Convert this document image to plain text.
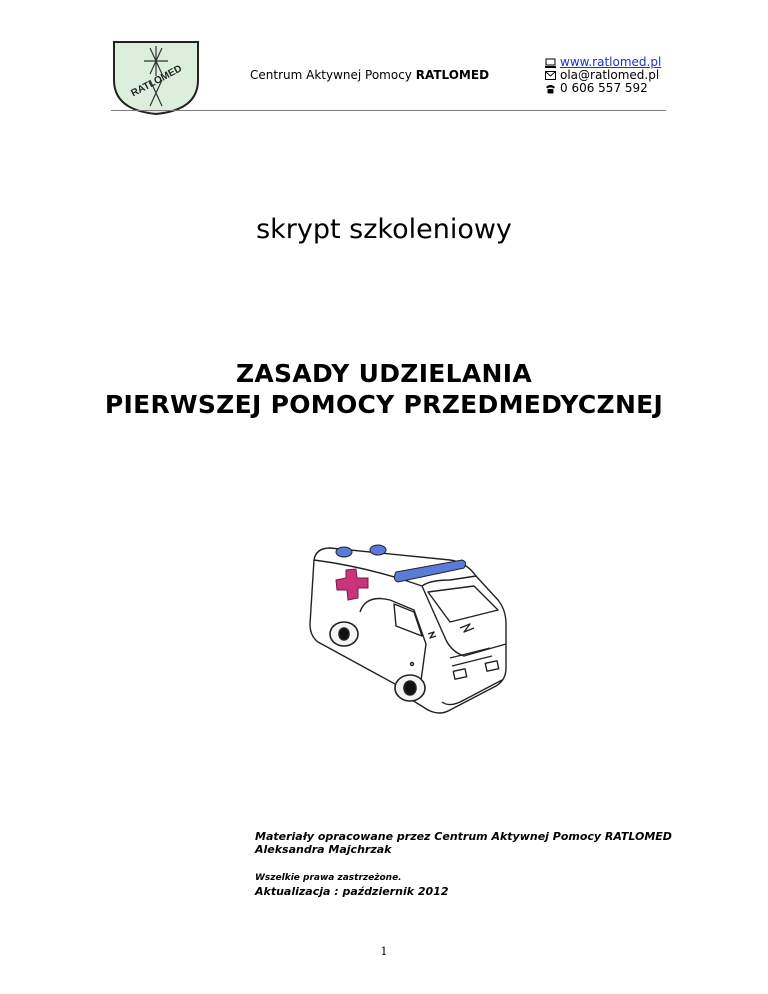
RATLOMED	Centrum Aktywnej Pomocy RATLOMED
www.ratlomed.pl
ola@ratlomed.pl
0 606 557 592
skrypt szkoleniowy
ZASADY UDZIELANIA
PIERWSZEJ POMOCY PRZEDMEDYCZNEJ
Materiały opracowane przez Centrum Aktywnej Pomocy RATLOMED
Aleksandra Majchrzak
Wszelkie prawa zastrzeżone.
Aktualizacja : październik 2012
1
